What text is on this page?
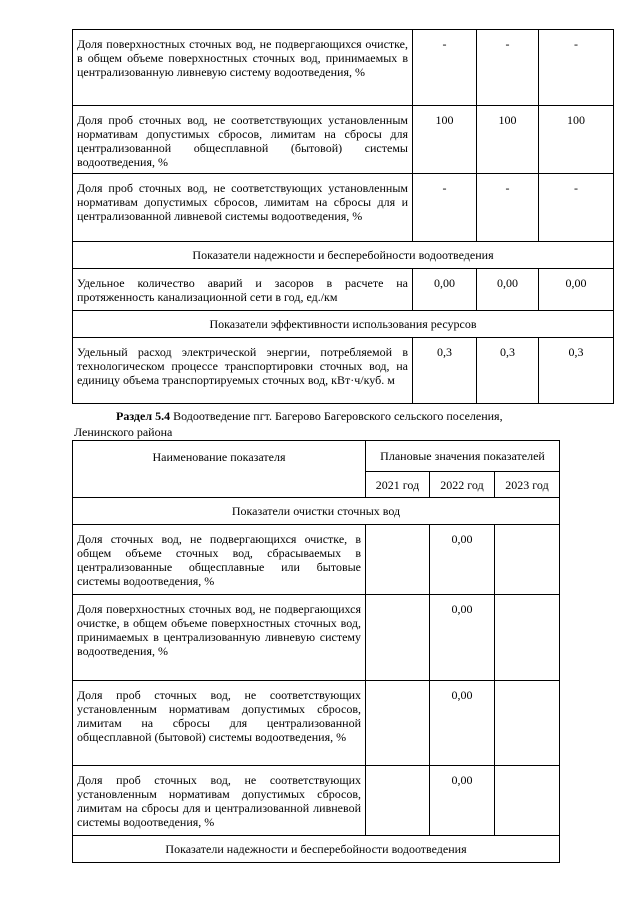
Доля поверхностных сточных вод, не подвергающихся очистке, в общем объеме поверхностных сточных вод, принимаемых в централизованную ливневую систему водоотведения, %	-	-	-
Доля проб сточных вод, не соответствующих установленным нормативам допустимых сбросов, лимитам на сбросы для централизованной общесплавной (бытовой) системы водоотведения, %	100	100	100
Доля проб сточных вод, не соответствующих установленным нормативам допустимых сбросов, лимитам на сбросы для и централизованной ливневой системы водоотведения, %	-	-	-
Показатели надежности и бесперебойности водоотведения			
Удельное количество аварий и засоров в расчете на протяженность канализационной сети в год, ед./км	0,00	0,00	0,00
Показатели эффективности использования ресурсов			
Удельный расход электрической энергии, потребляемой в технологическом процессе транспортировки сточных вод, на единицу объема транспортируемых сточных вод, кВт·ч/куб. м	0,3	0,3	0,3
Раздел 5.4 Водоотведение пгт. Багерово Багеровского сельского поселения, Ленинского района
Наименование показателя	Плановые значения показателей		
	2021 год	2022 год	2023 год
Показатели очистки сточных вод			
Доля сточных вод, не подвергающихся очистке, в общем объеме сточных вод, сбрасываемых в централизованные общесплавные или бытовые системы водоотведения, %		0,00	
Доля поверхностных сточных вод, не подвергающихся очистке, в общем объеме поверхностных сточных вод, принимаемых в централизованную ливневую систему водоотведения, %		0,00	
Доля проб сточных вод, не соответствующих установленным нормативам допустимых сбросов, лимитам на сбросы для централизованной общесплавной (бытовой) системы водоотведения, %		0,00	
Доля проб сточных вод, не соответствующих установленным нормативам допустимых сбросов, лимитам на сбросы для и централизованной ливневой системы водоотведения, %		0,00	
Показатели надежности и бесперебойности водоотведения			
